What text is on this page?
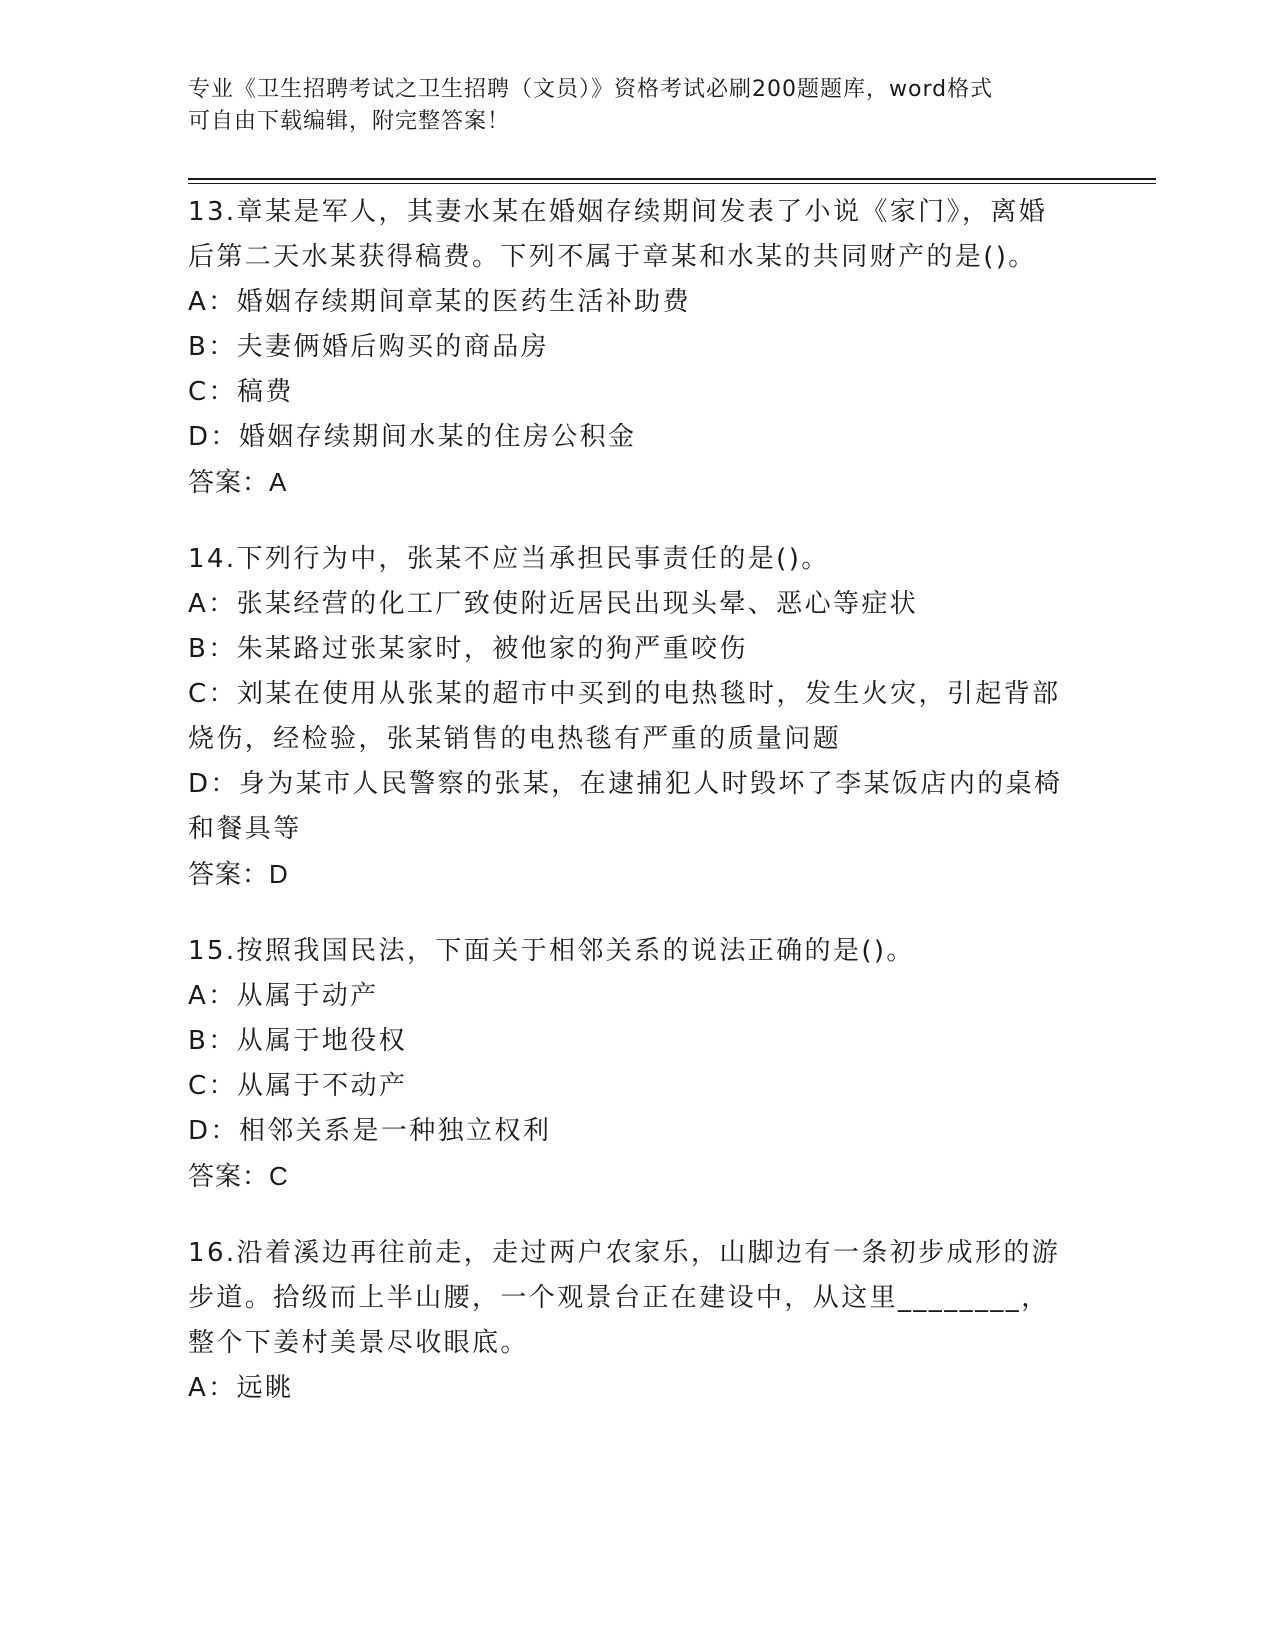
专业《卫生招聘考试之卫生招聘（文员）》资格考试必刷200题题库，word格式

可自由下载编辑，附完整答案！

13.章某是军人，其妻水某在婚姻存续期间发表了小说《家门》，离婚

后第二天水某获得稿费。下列不属于章某和水某的共同财产的是()。

A：婚姻存续期间章某的医药生活补助费

B：夫妻俩婚后购买的商品房

C：稿费

D：婚姻存续期间水某的住房公积金

答案：A

14.下列行为中，张某不应当承担民事责任的是()。

A：张某经营的化工厂致使附近居民出现头晕、恶心等症状

B：朱某路过张某家时，被他家的狗严重咬伤

C：刘某在使用从张某的超市中买到的电热毯时，发生火灾，引起背部

烧伤，经检验，张某销售的电热毯有严重的质量问题

D：身为某市人民警察的张某，在逮捕犯人时毁坏了李某饭店内的桌椅

和餐具等

答案：D

15.按照我国民法，下面关于相邻关系的说法正确的是()。

A：从属于动产

B：从属于地役权

C：从属于不动产

D：相邻关系是一种独立权利

答案：C

16.沿着溪边再往前走，走过两户农家乐，山脚边有一条初步成形的游

步道。拾级而上半山腰，一个观景台正在建设中，从这里________，

整个下姜村美景尽收眼底。

A：远眺
